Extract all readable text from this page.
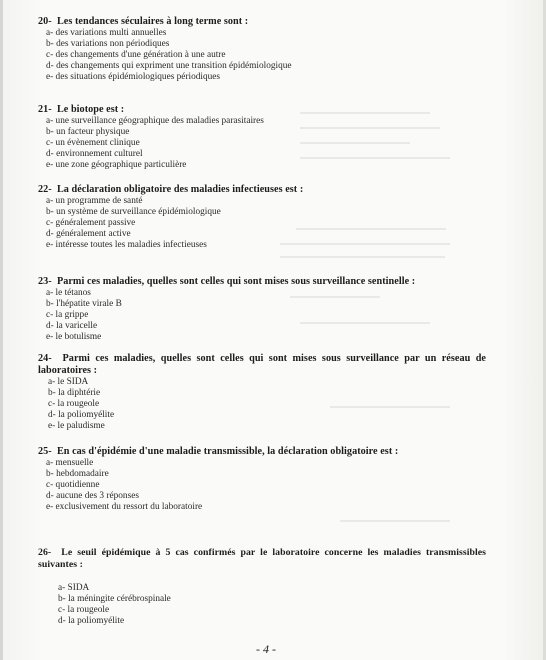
20- Les tendances séculaires à long terme sont :

a- des variations multi annuelles
b- des variations non périodiques
c- des changements d'une génération à une autre
d- des changements qui expriment une transition épidémiologique
e- des situations épidémiologiques périodiques

21- Le biotope est :

a- une surveillance géographique des maladies parasitaires
b- un facteur physique
c- un évènement clinique
d- environnement culturel
e- une zone géographique particulière

22- La déclaration obligatoire des maladies infectieuses est :

a- un programme de santé
b- un système de surveillance épidémiologique
c- généralement passive
d- généralement active
e- intéresse toutes les maladies infectieuses

23- Parmi ces maladies, quelles sont celles qui sont mises sous surveillance sentinelle :

a- le tétanos
b- l'hépatite virale B
c- la grippe
d- la varicelle
e- le botulisme

24- Parmi ces maladies, quelles sont celles qui sont mises sous surveillance par un réseau de laboratoires :

a- le SIDA
b- la diphtérie
c- la rougeole
d- la poliomyélite
e- le paludisme

25- En cas d'épidémie d'une maladie transmissible, la déclaration obligatoire est :

a- mensuelle
b- hebdomadaire
c- quotidienne
d- aucune des 3 réponses
e- exclusivement du ressort du laboratoire

26- Le seuil épidémique à 5 cas confirmés par le laboratoire concerne les maladies transmissibles suivantes :

a- SIDA
b- la méningite cérébrospinale
c- la rougeole
d- la poliomyélite
- 4 -
